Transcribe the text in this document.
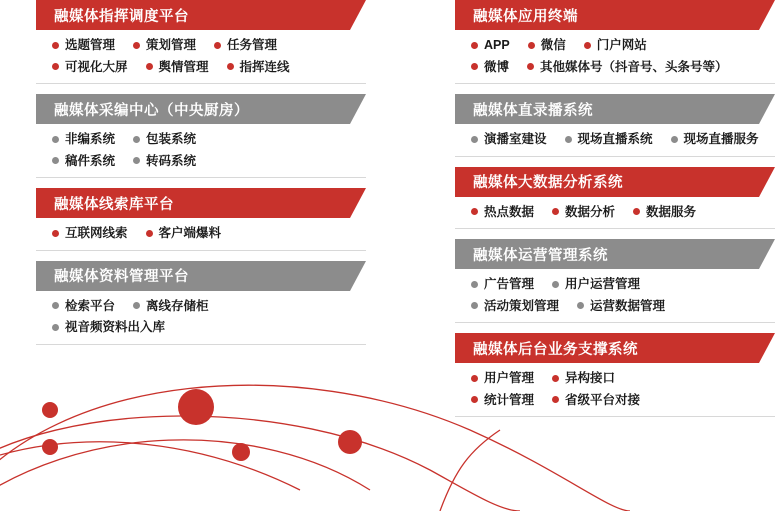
融媒体指挥调度平台
选题管理 策划管理 任务管理
可视化大屏 舆情管理 指挥连线
融媒体采编中心（中央厨房）
非编系统 包装系统
稿件系统 转码系统
融媒体线索库平台
互联网线索 客户端爆料
融媒体资料管理平台
检索平台 离线存储柜
视音频资料出入库
融媒体应用终端
APP 微信 门户网站
微博 其他媒体号（抖音号、头条号等）
融媒体直录播系统
演播室建设 现场直播系统 现场直播服务
融媒体大数据分析系统
热点数据 数据分析 数据服务
融媒体运营管理系统
广告管理 用户运营管理
活动策划管理 运营数据管理
融媒体后台业务支撑系统
用户管理 异构接口
统计管理 省级平台对接
